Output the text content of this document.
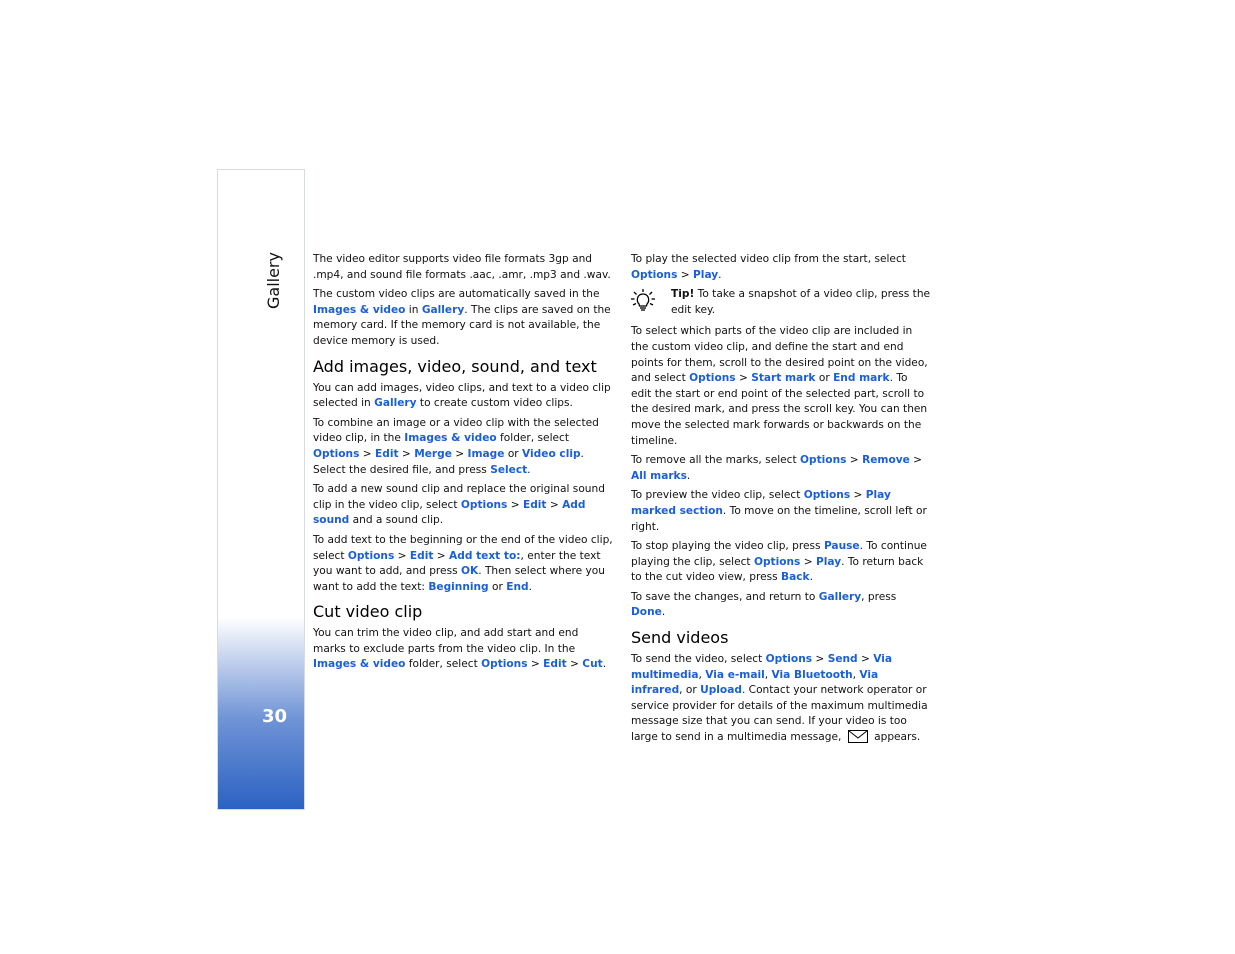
Gallery
30

The video editor supports video file formats 3gp and .mp4, and sound file formats .aac, .amr, .mp3 and .wav.

The custom video clips are automatically saved in the Images & video in Gallery. The clips are saved on the memory card. If the memory card is not available, the device memory is used.

Add images, video, sound, and text

You can add images, video clips, and text to a video clip selected in Gallery to create custom video clips.

To combine an image or a video clip with the selected video clip, in the Images & video folder, select Options > Edit > Merge > Image or Video clip. Select the desired file, and press Select.

To add a new sound clip and replace the original sound clip in the video clip, select Options > Edit > Add sound and a sound clip.

To add text to the beginning or the end of the video clip, select Options > Edit > Add text to:, enter the text you want to add, and press OK. Then select where you want to add the text: Beginning or End.

Cut video clip

You can trim the video clip, and add start and end marks to exclude parts from the video clip. In the Images & video folder, select Options > Edit > Cut.

To play the selected video clip from the start, select Options > Play.

Tip! To take a snapshot of a video clip, press the edit key.

To select which parts of the video clip are included in the custom video clip, and define the start and end points for them, scroll to the desired point on the video, and select Options > Start mark or End mark. To edit the start or end point of the selected part, scroll to the desired mark, and press the scroll key. You can then move the selected mark forwards or backwards on the timeline.

To remove all the marks, select Options > Remove > All marks.

To preview the video clip, select Options > Play marked section. To move on the timeline, scroll left or right.

To stop playing the video clip, press Pause. To continue playing the clip, select Options > Play. To return back to the cut video view, press Back.

To save the changes, and return to Gallery, press Done.

Send videos

To send the video, select Options > Send > Via multimedia, Via e-mail, Via Bluetooth, Via infrared, or Upload. Contact your network operator or service provider for details of the maximum multimedia message size that you can send. If your video is too large to send in a multimedia message,  appears.
